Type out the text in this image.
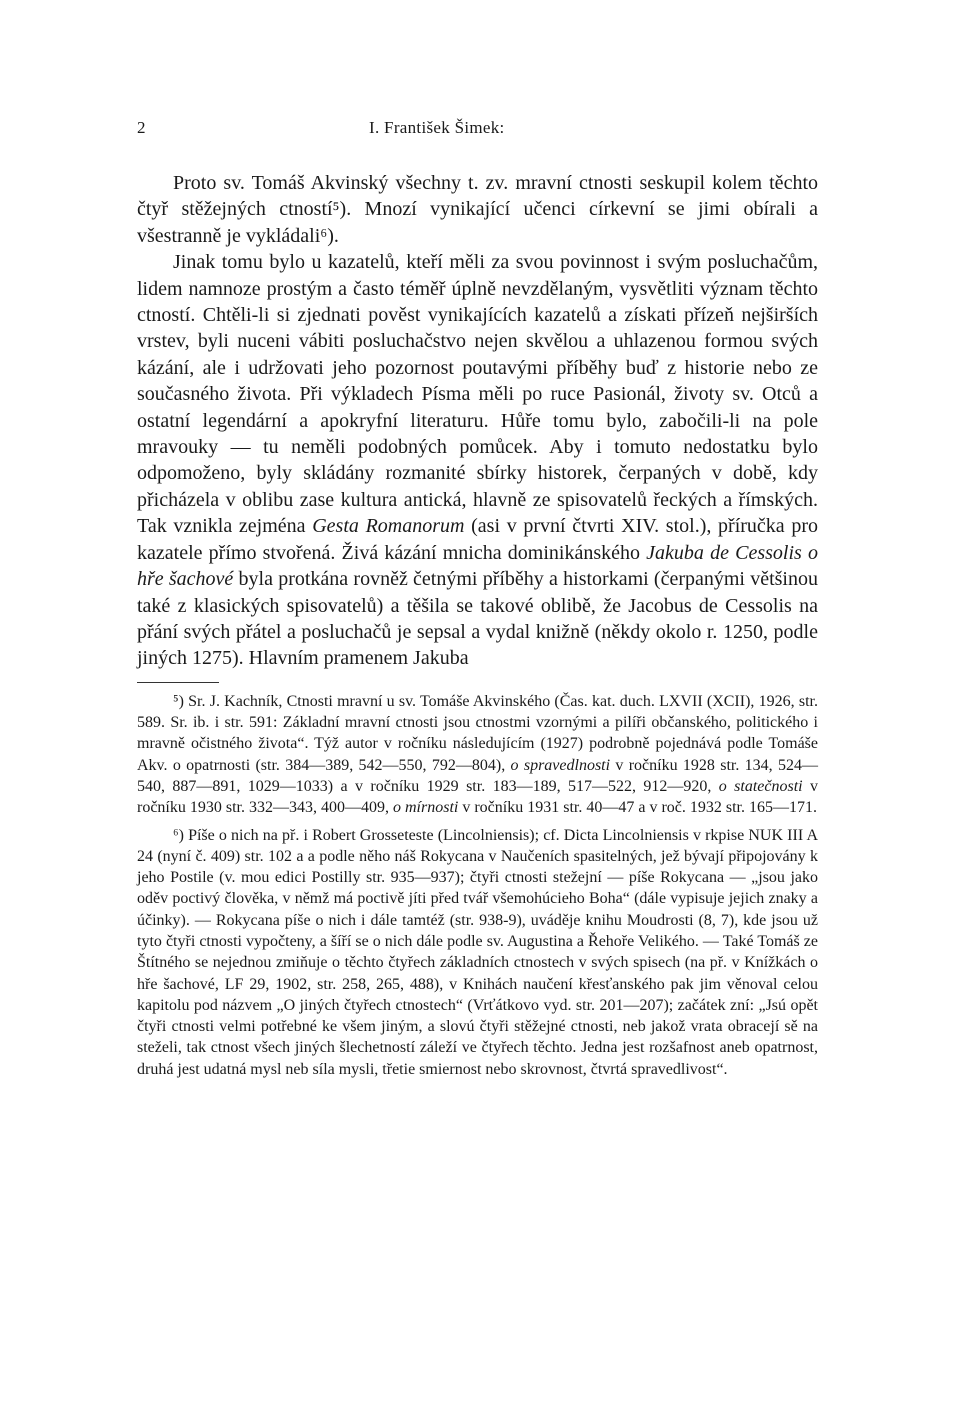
2	I. František Šimek:

Proto sv. Tomáš Akvinský všechny t. zv. mravní ctnosti seskupil kolem těchto čtyř stěžejných ctností⁵). Mnozí vynikající učenci církevní se jimi obírali a všestranně je vykládali⁶).

Jinak tomu bylo u kazatelů, kteří měli za svou povinnost i svým posluchačům, lidem namnoze prostým a často téměř úplně nevzdělaným, vysvětliti význam těchto ctností. Chtěli-li si zjednati pověst vynikajících kazatelů a získati přízeň nejširších vrstev, byli nuceni vábiti posluchačstvo nejen skvělou a uhlazenou formou svých kázání, ale i udržovati jeho pozornost poutavými příběhy buď z historie nebo ze současného života. Při výkladech Písma měli po ruce Pasionál, životy sv. Otců a ostatní legendární a apokryfní literaturu. Hůře tomu bylo, zabočili-li na pole mravouky — tu neměli podobných pomůcek. Aby i tomuto nedostatku bylo odpomoženo, byly skládány rozmanité sbírky historek, čerpaných v době, kdy přicházela v oblibu zase kultura antická, hlavně ze spisovatelů řeckých a římských. Tak vznikla zejména Gesta Romanorum (asi v první čtvrti XIV. stol.), příručka pro kazatele přímo stvořená. Živá kázání mnicha dominikánského Jakuba de Cessolis o hře šachové byla protkána rovněž četnými příběhy a historkami (čerpanými většinou také z klasických spisovatelů) a těšila se takové oblibě, že Jacobus de Cessolis na přání svých přátel a posluchačů je sepsal a vydal knižně (někdy okolo r. 1250, podle jiných 1275). Hlavním pramenem Jakuba

⁵) Sr. J. Kachník, Ctnosti mravní u sv. Tomáše Akvinského (Čas. kat. duch. LXVII (XCII), 1926, str. 589. Sr. ib. i str. 591: Základní mravní ctnosti jsou ctnostmi vzornými a pilíři občanského, politického i mravně očistného života“. Týž autor v ročníku následujícím (1927) podrobně pojednává podle Tomáše Akv. o opatrnosti (str. 384—389, 542—550, 792—804), o spravedlnosti v ročníku 1928 str. 134, 524—540, 887—891, 1029—1033) a v ročníku 1929 str. 183—189, 517—522, 912—920, o statečnosti v ročníku 1930 str. 332—343, 400—409, o mírnosti v ročníku 1931 str. 40—47 a v roč. 1932 str. 165—171.

⁶) Píše o nich na př. i Robert Grosseteste (Lincolniensis); cf. Dicta Lincolniensis v rkpise NUK III A 24 (nyní č. 409) str. 102 a a podle něho náš Rokycana v Naučeních spasitelných, jež bývají připojovány k jeho Postile (v. mou edici Postilly str. 935—937); čtyři ctnosti stežejní — píše Rokycana — „jsou jako oděv poctivý člověka, v němž má poctivě jíti před tvář všemohúcieho Boha“ (dále vypisuje jejich znaky a účinky). — Rokycana píše o nich i dále tamtéž (str. 938-9), uváděje knihu Moudrosti (8, 7), kde jsou už tyto čtyři ctnosti vypočteny, a šíří se o nich dále podle sv. Augustina a Řehoře Velikého. — Také Tomáš ze Štítného se nejednou zmiňuje o těchto čtyřech základních ctnostech v svých spisech (na př. v Knížkách o hře šachové, LF 29, 1902, str. 258, 265, 488), v Knihách naučení křesťanského pak jim věnoval celou kapitolu pod názvem „O jiných čtyřech ctnostech“ (Vrťátkovo vyd. str. 201—207); začátek zní: „Jsú opět čtyři ctnosti velmi potřebné ke všem jiným, a slovú čtyři stěžejné ctnosti, neb jakož vrata obracejí sě na steželi, tak ctnost všech jiných šlechetností záleží ve čtyřech těchto. Jedna jest rozšafnost aneb opatrnost, druhá jest udatná mysl neb síla mysli, třetie smiernost nebo skrovnost, čtvrtá spravedlivost“.
